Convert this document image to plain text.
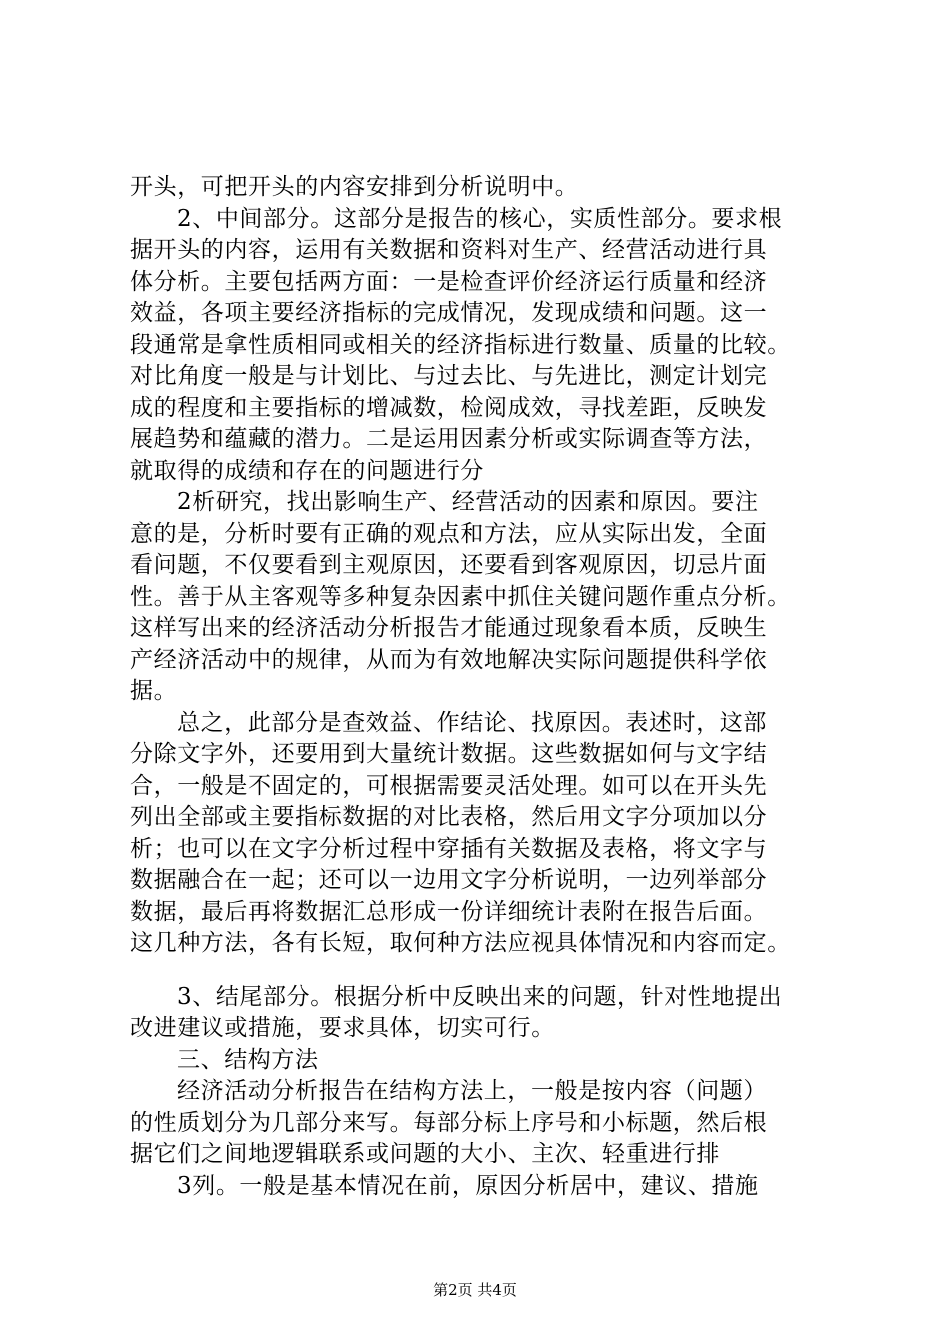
开头，可把开头的内容安排到分析说明中。
2、中间部分。这部分是报告的核心，实质性部分。要求根
据开头的内容，运用有关数据和资料对生产、经营活动进行具
体分析。主要包括两方面：一是检查评价经济运行质量和经济
效益，各项主要经济指标的完成情况，发现成绩和问题。这一
段通常是拿性质相同或相关的经济指标进行数量、质量的比较。
对比角度一般是与计划比、与过去比、与先进比，测定计划完
成的程度和主要指标的增减数，检阅成效，寻找差距，反映发
展趋势和蕴藏的潜力。二是运用因素分析或实际调查等方法，
就取得的成绩和存在的问题进行分
2析研究，找出影响生产、经营活动的因素和原因。要注
意的是，分析时要有正确的观点和方法，应从实际出发，全面
看问题，不仅要看到主观原因，还要看到客观原因，切忌片面
性。善于从主客观等多种复杂因素中抓住关键问题作重点分析。
这样写出来的经济活动分析报告才能通过现象看本质，反映生
产经济活动中的规律，从而为有效地解决实际问题提供科学依
据。
总之，此部分是查效益、作结论、找原因。表述时，这部
分除文字外，还要用到大量统计数据。这些数据如何与文字结
合，一般是不固定的，可根据需要灵活处理。如可以在开头先
列出全部或主要指标数据的对比表格，然后用文字分项加以分
析；也可以在文字分析过程中穿插有关数据及表格，将文字与
数据融合在一起；还可以一边用文字分析说明，一边列举部分
数据，最后再将数据汇总形成一份详细统计表附在报告后面。
这几种方法，各有长短，取何种方法应视具体情况和内容而定。
3、结尾部分。根据分析中反映出来的问题，针对性地提出
改进建议或措施，要求具体，切实可行。
三、结构方法
经济活动分析报告在结构方法上，一般是按内容（问题）
的性质划分为几部分来写。每部分标上序号和小标题，然后根
据它们之间地逻辑联系或问题的大小、主次、轻重进行排
3列。一般是基本情况在前，原因分析居中，建议、措施
第2页 共4页
